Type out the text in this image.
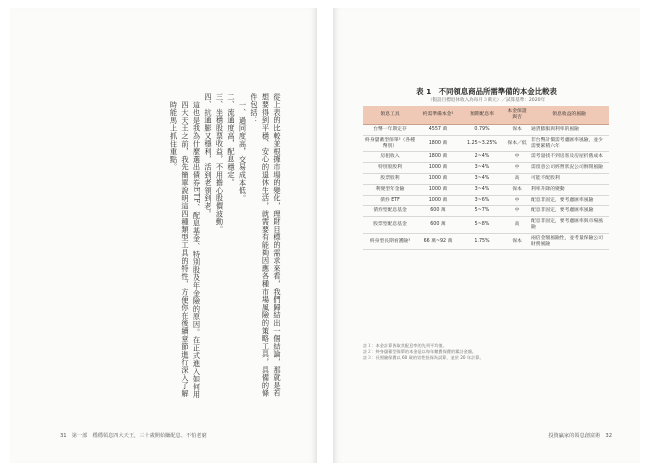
從上表的比較並根據市場的變化，理財目標的需求來看，我們歸結出一個結論，那就是若想要得到平穩、安心的退休生活，就需要有能夠因應各種市場風險的策略工具，具備的條件包括：

一、過同度高，交易成本低。

二、流通度高，配息穩定。

三、坐穩股票收益，不用擔心股價波動。

四、抗通膨又穩利，活到老領到老。

這也是我為什麼選出債券ETF、配息基金、特別股及年金險的原因。在正式進入如何用四大天王之前，我先簡單說明這四種類型工具的特性，方便你在後續章節進行深入了解時能馬上抓住重點。

31　第一部　穩穩領息四大天王，三十歲開始賺配息、不怕老窮
表 1　不同領息商品所需準備的本金比較表
（假設目標退休收入為每月３萬元）／試算基準：2020年
領息工具	約需準備本金¹	預期配息率	本金保證與否	領息收益的風險
台幣一年期定存	4557 萬	0.79%	保本	通貨膨脹與利率的風險
終身儲蓄型保單²（各種幣別）	1800 萬	1.25~3.25%	保本／低	非台幣計價需考慮匯率風險，並少需要累積六年
房租收入	1800 萬	2~4%	中	需考量找不到房客及房屋折舊成本
特別股股利	1000 萬	3~4%	中	需留意公司經營狀況公司倒閉風險
股票股利	1000 萬	3~4%	高	可能不配股利
利變型年金險	1000 萬	3~4%	保本	利率升降的變動
債券 ETF	1000 萬	3~6%	中	配息非固定，要考慮匯率風險
債券型配息基金	600 萬	5~7%	中	配息非固定，要考慮匯率風險
股票型配息基金	600 萬	5~8%	高	配息非固定，要考慮匯率與市場風險
終身型長期看護險³	66 萬~92 萬	1.75%	保本	兩倍金額風險性，並考量保險公司財務風險

註１：本金計算皆取其配息率的先列平均值。

註２：終身儲蓄型保單的本金是以每年繳費保費的累計金額。

註３：長照險保費以 60 歲的男性投保為試算，並於 20 年計算。

投資贏家的領息創富術　32
